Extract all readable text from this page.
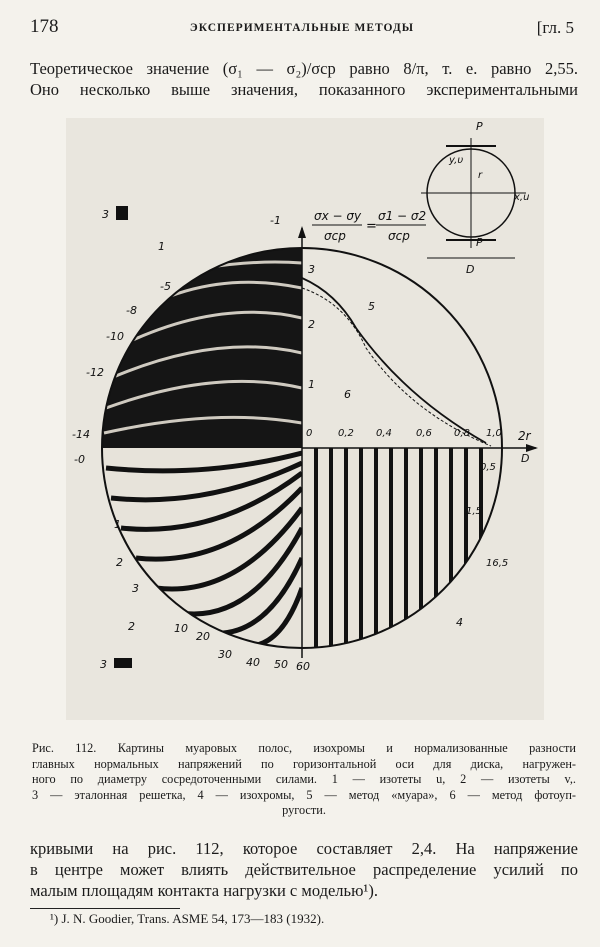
178	ЭКСПЕРИМЕНТАЛЬНЫЕ МЕТОДЫ	[гл. 5
Теоретическое значение (σ₁ — σ₂)/σср равно 8/π, т. е. равно 2,55.
Оно несколько выше значения, показанного экспериментальными
σx − σy
σср
=
σ1 − σ2
σср
P
P
y,υ
x,u
r
D
3
3
2r
D
0	0,2 0,4 0,6 0,8 1,0
1
2
3
0,5
1,5
16,5
-1
1
-5
-8
-10
-12
-14
-0
1
2
3
2	10
20
30
40 50 60
5
6
4
Рис. 112. Картины муаровых полос, изохромы и нормализованные разности
главных нормальных напряжений по горизонтальной оси для диска, нагружен-
ного по диаметру сосредоточенными силами. 1 — изотеты u, 2 — изотеты v,.
3 — эталонная решетка, 4 — изохромы, 5 — метод «муара», 6 — метод фотоуп-
ругости.
кривыми на рис. 112, которое составляет 2,4. На напряжение
в центре может влиять действительное распределение усилий по
малым площадям контакта нагрузки с моделью¹).
¹) J. N. Goodier, Trans. ASME 54, 173—183 (1932).
